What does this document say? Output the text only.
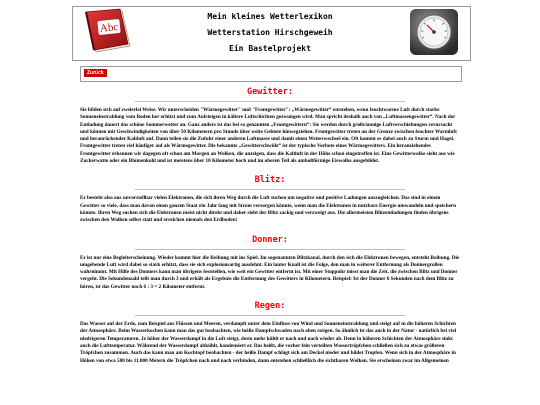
Abc
Mein kleines Wetterlexikon
Wetterstation Hirschgeweih
Ein Bastelprojekt
Zurück
Gewitter:

Sie bilden sich auf zweierlei Weise. Wir unterscheiden "Wärmegewitter" und "Frontgewitter": „Wärmegewitter“ entstehen, wenn feuchtwarme Luft durch starke Sonneneinstrahlung vom Boden her erhitzt und zum Aufsteigen in kältere Luftschichten gezwungen wird. Man spricht deshalb auch von „Luftmassengewitter“. Nach der Entladung dauert das schöne Sommerwetter an. Ganz anders ist das bei so genannten „Frontgewittern“: Sie werden durch großräumige Luftverschiebungen verursacht und können mit Geschwindigkeiten von über 50 Kilometern pro Stunde über weite Gebiete hinwegziehen. Frontgewitter treten an der Grenze zwischen feuchter Warmluft und heranrückender Kaltluft auf. Dann teilen sie die Zufuhr einer anderen Luftmasse und damit einen Wetterwechsel ein. Oft kommt es dabei auch zu Sturm und Hagel. Frontgewitter treten viel häufiger auf als Wärmegewitter. Die bekannte „Gewitterschwüle“ ist der typische Vorbote eines Wärmegewitters. Ein heranziehendes Frontgewitter erkennen wir dagegen oft schon am Morgen an Wolken, die anzeigen, dass die Kaltluft in der Höhe schon eingetroffen ist. Eine Gewitterwolke sieht aus wie Zuckerwatte oder ein Blumenkohl und ist meistens über 10 Kilometer hoch und im oberen Teil als amboßförmige Eiswolke ausgebildet.

Blitz:

Er besteht also aus unvorstellbar vielen Elektronen, die sich ihren Weg durch die Luft suchen um negative und positive Ladungen auszugleichen. Das sind in einem Gewitter so viele, dass man davon einen ganzen Staat ein Jahr lang mit Strom versorgen könnte, wenn man die Elektronen in nutzbare Energie umwandeln und speichern könnte. Ihren Weg suchen sich die Elektronen meist nicht direkt und daher sieht der Blitz zackig und verzweigt aus. Die allermeisten Blitzentladungen finden übrigens zwischen den Wolken selbst statt und erreichen niemals den Erdboden!

Donner:

Er ist nur eine Begleiterscheinung. Wieder kommt hier die Reibung mit ins Spiel. Im sogenannten Blitzkanal, durch den sich die Elektronen bewegen, entsteht Reibung. Die umgebende Luft wird dabei so stark erhitzt, dass sie sich explosionsartig ausdehnt. Ein lauter Knall ist die Folge, den man in weiterer Entfernung als Donnergrollen wahrnimmt. Mit Hilfe des Donners kann man übrigens feststellen, wie weit ein Gewitter entfernt ist. Mit einer Stoppuhr misst man die Zeit, die zwischen Blitz und Donner vergeht. Die Sekundenzahl teilt man durch 3 und erhält als Ergebnis die Entfernung des Gewitters in Kilometern. Beispiel: Ist der Donner 6 Sekunden nach dem Blitz zu hören, ist das Gewitter noch 6 : 3 = 2 Kilometer entfernt.

Regen:

Das Wasser auf der Erde, zum Beispiel aus Flüssen und Meeren, verdampft unter dem Einfluss von Wind und Sonneneinstrahlung und steigt auf in die höheren Schichten der Atmosphäre. Beim Wasserkochen kann man das gut beobachten, wie heiße Dampfschwaden nach oben steigen. So ähnlich ist das auch in der Natur - natürlich bei viel niedrigeren Temperaturen. Je höher der Wasserdampf in die Luft steigt, desto mehr kühlt er nach und nach wieder ab. Denn in höheren Schichten der Atmosphäre sinkt auch die Lufttemperatur. Während der Wasserdampf abkühlt, kondensiert er. Das heißt, die vorher fein verteilten Wassertröpfchen schließen sich zu etwas größeren Tröpfchen zusammen. Auch das kann man am Kochtopf beobachten - der heiße Dampf schlägt sich am Deckel nieder und bildet Tropfen. Wenn sich in der Atmosphäre in Höhen von etwa 500 bis 11.000 Metern die Tröpfchen nach und nach verbinden, dann entstehen schließlich die sichtbaren Wolken. Sie erscheinen zwar im Allgemeinen
